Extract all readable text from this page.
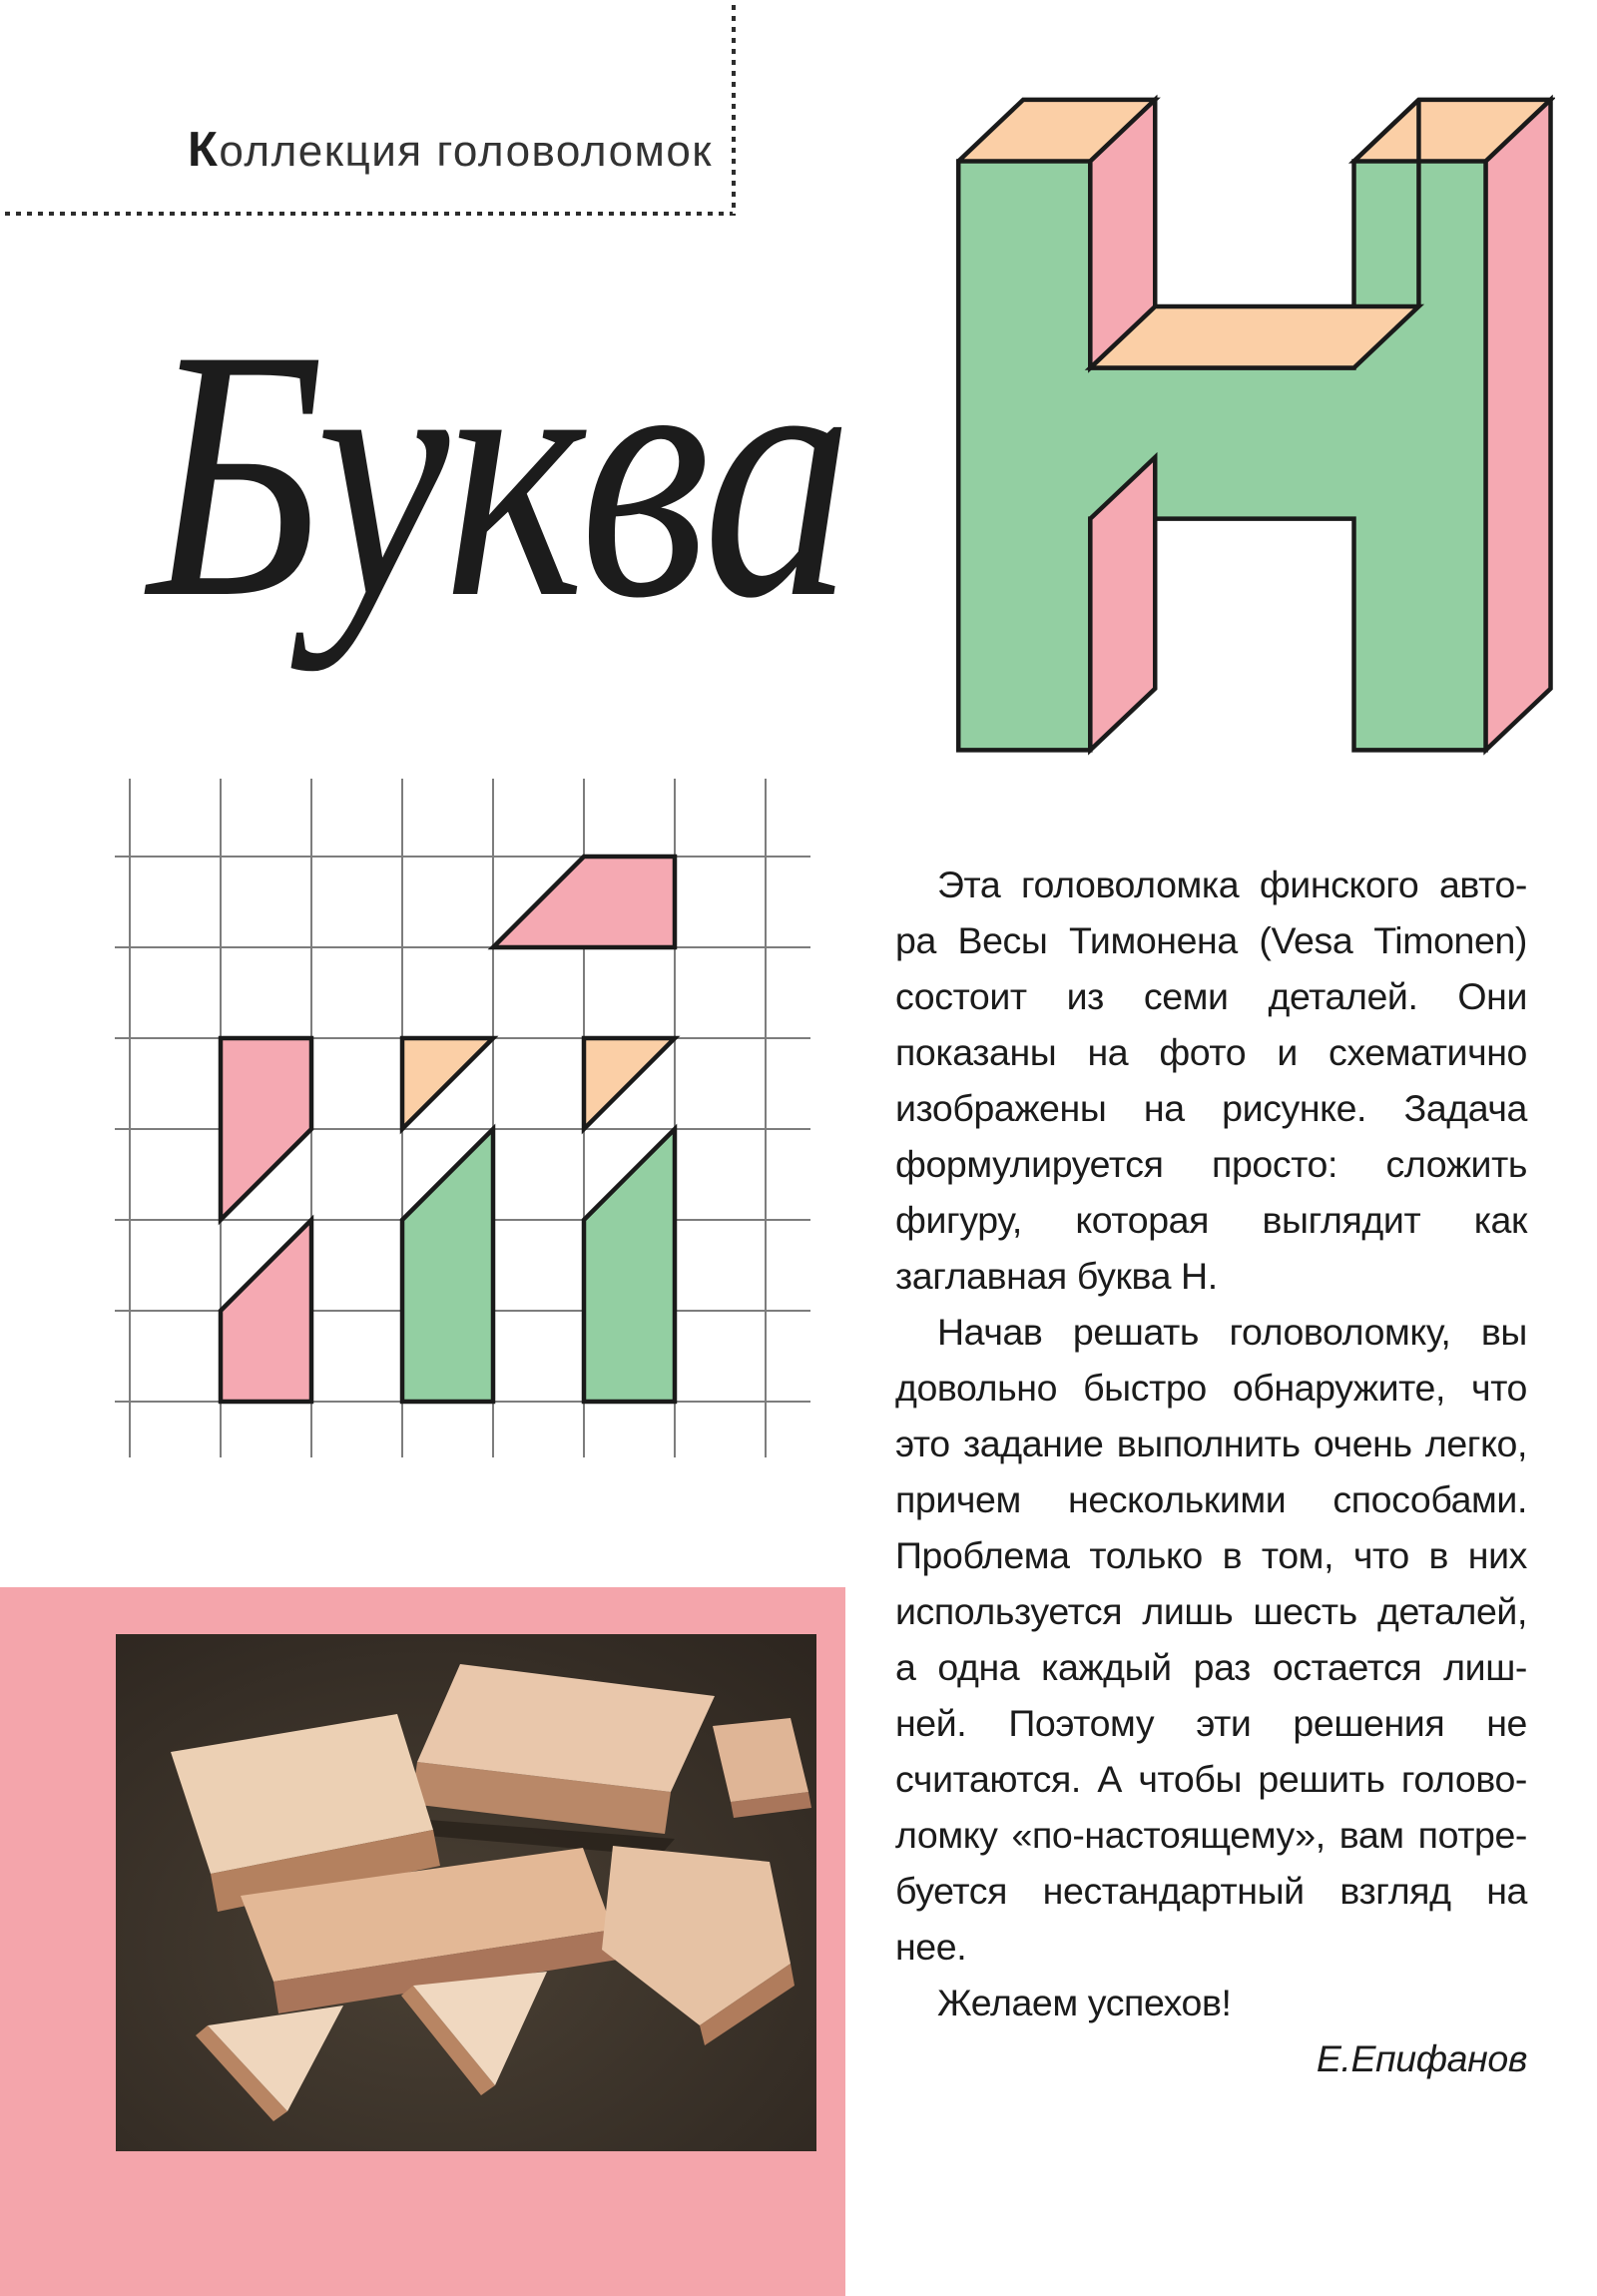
Коллекция головоломок
Буква
Эта головоломка финского авто-
ра Весы Тимонена (Vesa Timonen)
состоит из семи деталей. Они
показаны на фото и схематично
изображены на рисунке. Задача
формулируется просто: сложить
фигуру, которая выглядит как
заглавная буква Н.
Начав решать головоломку, вы
довольно быстро обнаружите, что
это задание выполнить очень легко,
причем несколькими способами.
Проблема только в том, что в них
используется лишь шесть деталей,
а одна каждый раз остается лиш-
ней. Поэтому эти решения не
считаются. А чтобы решить голово-
ломку «по-настоящему», вам потре-
буется нестандартный взгляд на
нее.
Желаем успехов!
Е.Епифанов
